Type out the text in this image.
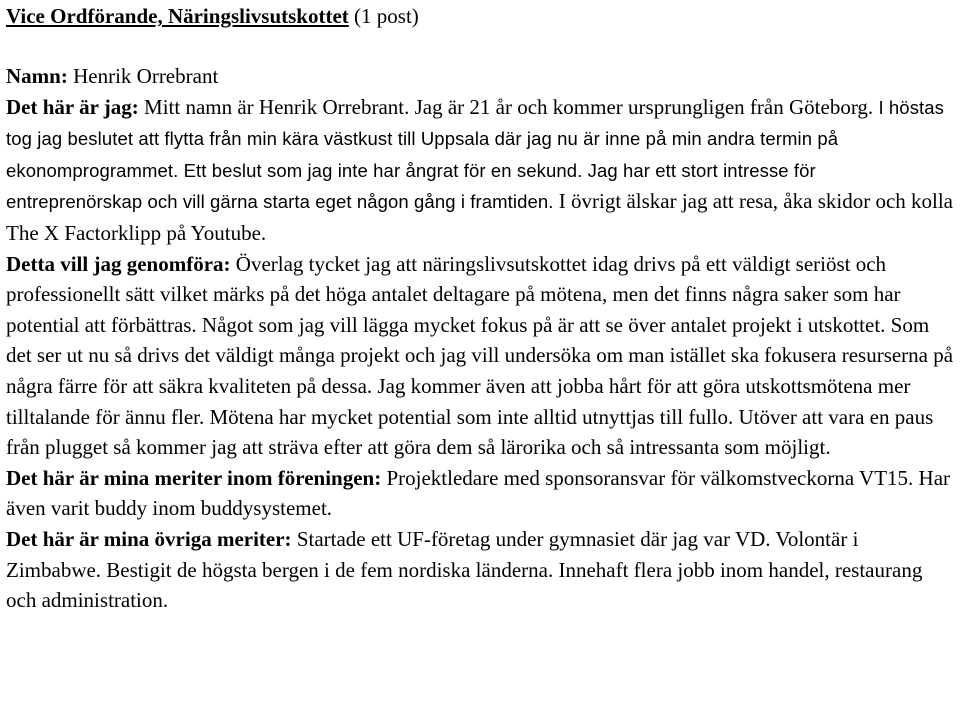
Vice Ordförande, Näringslivsutskottet (1 post)

Namn: Henrik Orrebrant

Det här är jag: Mitt namn är Henrik Orrebrant. Jag är 21 år och kommer ursprungligen från Göteborg. I höstas tog jag beslutet att flytta från min kära västkust till Uppsala där jag nu är inne på min andra termin på ekonomprogrammet. Ett beslut som jag inte har ångrat för en sekund. Jag har ett stort intresse för entreprenörskap och vill gärna starta eget någon gång i framtiden. I övrigt älskar jag att resa, åka skidor och kolla The X Factorklipp på Youtube.

Detta vill jag genomföra: Överlag tycket jag att näringslivsutskottet idag drivs på ett väldigt seriöst och professionellt sätt vilket märks på det höga antalet deltagare på mötena, men det finns några saker som har potential att förbättras. Något som jag vill lägga mycket fokus på är att se över antalet projekt i utskottet. Som det ser ut nu så drivs det väldigt många projekt och jag vill undersöka om man istället ska fokusera resurserna på några färre för att säkra kvaliteten på dessa. Jag kommer även att jobba hårt för att göra utskottsmötena mer tilltalande för ännu fler. Mötena har mycket potential som inte alltid utnyttjas till fullo. Utöver att vara en paus från plugget så kommer jag att sträva efter att göra dem så lärorika och så intressanta som möjligt.

Det här är mina meriter inom föreningen: Projektledare med sponsoransvar för välkomstveckorna VT15. Har även varit buddy inom buddysystemet.

Det här är mina övriga meriter: Startade ett UF-företag under gymnasiet där jag var VD. Volontär i Zimbabwe. Bestigit de högsta bergen i de fem nordiska länderna. Innehaft flera jobb inom handel, restaurang och administration.
